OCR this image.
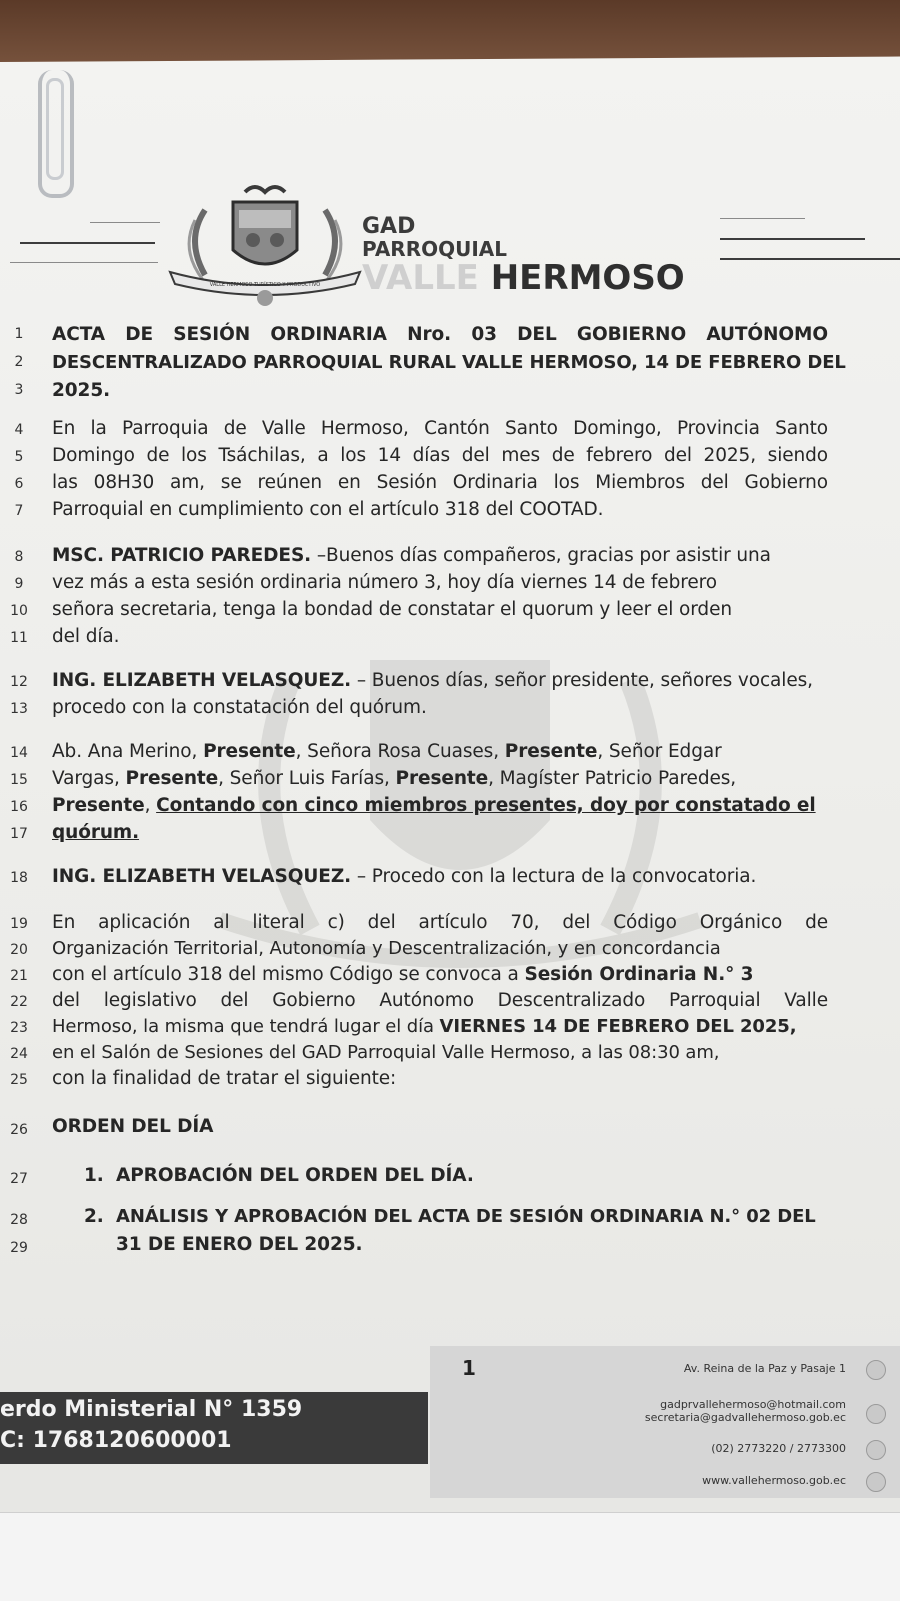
VALLE HERMOSO TURÍSTICO Y PRODUCTIVO
GAD
PARROQUIAL
VALLE HERMOSO
1	ACTA DE SESIÓN ORDINARIA Nro. 03 DEL GOBIERNO AUTÓNOMO
2	DESCENTRALIZADO PARROQUIAL RURAL VALLE HERMOSO, 14 DE FEBRERO DEL
3	2025.
4	En la Parroquia de Valle Hermoso, Cantón Santo Domingo, Provincia Santo
5	Domingo de los Tsáchilas, a los 14 días del mes de febrero del 2025, siendo
6	las 08H30 am, se reúnen en Sesión Ordinaria los Miembros del Gobierno
7	Parroquial en cumplimiento con el artículo 318 del COOTAD.
8	MSC. PATRICIO PAREDES. –Buenos días compañeros, gracias por asistir una
9	vez más a esta sesión ordinaria número 3, hoy día viernes 14 de febrero
10	señora secretaria, tenga la bondad de constatar el quorum y leer el orden
11	del día.
12	ING. ELIZABETH VELASQUEZ. – Buenos días, señor presidente, señores vocales,
13	procedo con la constatación del quórum.
14	Ab. Ana Merino, Presente, Señora Rosa Cuases, Presente, Señor Edgar
15	Vargas, Presente, Señor Luis Farías, Presente, Magíster Patricio Paredes,
16	Presente, Contando con cinco miembros presentes, doy por constatado el
17	quórum.
18	ING. ELIZABETH VELASQUEZ. – Procedo con la lectura de la convocatoria.
19	En aplicación al literal c) del artículo 70, del Código Orgánico de
20	Organización Territorial, Autonomía y Descentralización, y en concordancia
21	con el artículo 318 del mismo Código se convoca a Sesión Ordinaria N.° 3
22	del legislativo del Gobierno Autónomo Descentralizado Parroquial Valle
23	Hermoso, la misma que tendrá lugar el día VIERNES 14 DE FEBRERO DEL 2025,
24	en el Salón de Sesiones del GAD Parroquial Valle Hermoso, a las 08:30 am,
25	con la finalidad de tratar el siguiente:
26	ORDEN DEL DÍA
27	1. APROBACIÓN DEL ORDEN DEL DÍA.
28	2. ANÁLISIS Y APROBACIÓN DEL ACTA DE SESIÓN ORDINARIA N.° 02 DEL
29	31 DE ENERO DEL 2025.
erdo Ministerial N° 1359
C: 1768120600001
1	Av. Reina de la Paz y Pasaje 1
gadprvallehermoso@hotmail.com
secretaria@gadvallehermoso.gob.ec
(02) 2773220 / 2773300
www.vallehermoso.gob.ec
